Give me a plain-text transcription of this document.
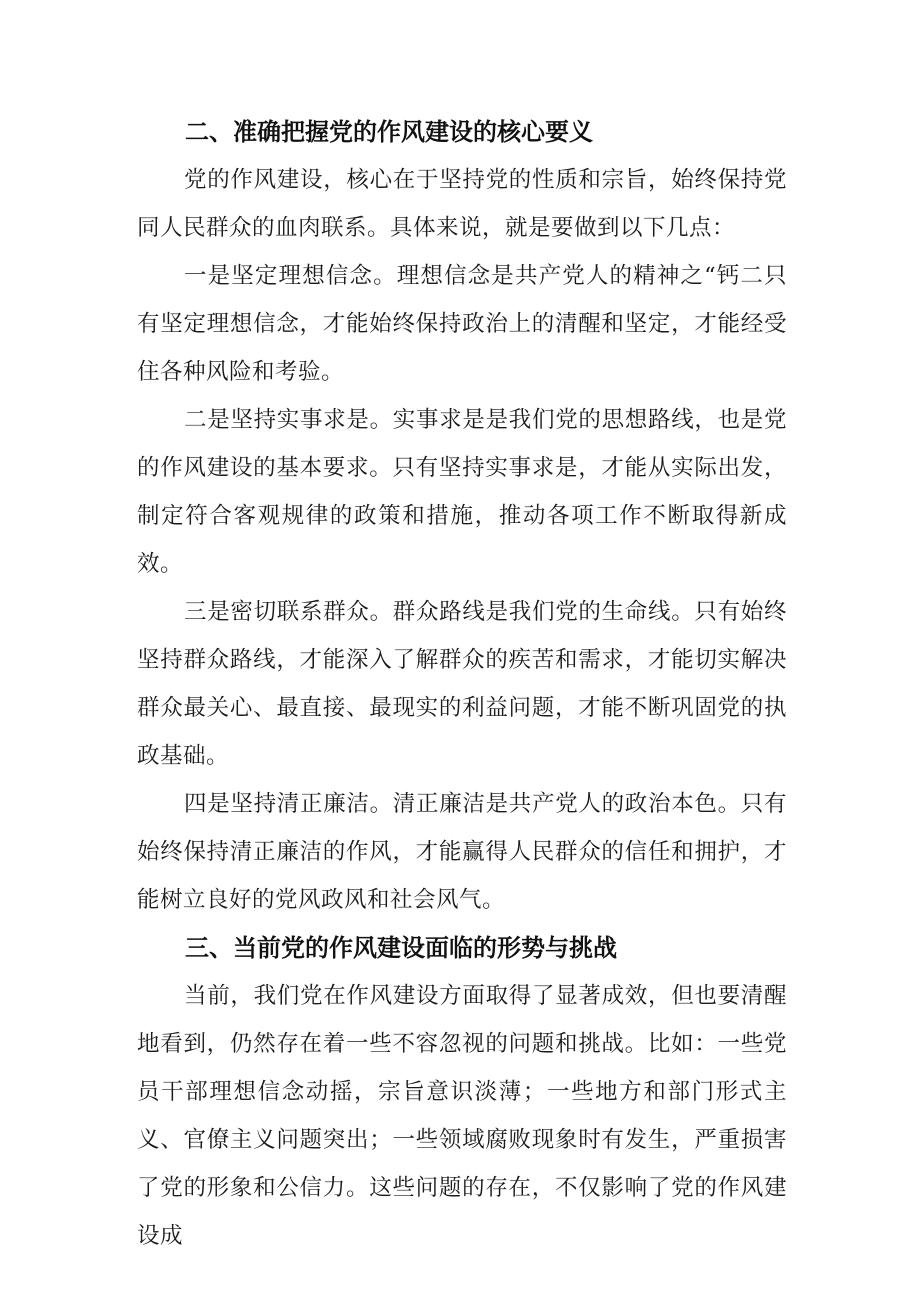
二、准确把握党的作风建设的核心要义

党的作风建设，核心在于坚持党的性质和宗旨，始终保持党同人民群众的血肉联系。具体来说，就是要做到以下几点：

一是坚定理想信念。理想信念是共产党人的精神之“钙二只有坚定理想信念，才能始终保持政治上的清醒和坚定，才能经受住各种风险和考验。

二是坚持实事求是。实事求是是我们党的思想路线，也是党的作风建设的基本要求。只有坚持实事求是，才能从实际出发，制定符合客观规律的政策和措施，推动各项工作不断取得新成效。

三是密切联系群众。群众路线是我们党的生命线。只有始终坚持群众路线，才能深入了解群众的疾苦和需求，才能切实解决群众最关心、最直接、最现实的利益问题，才能不断巩固党的执政基础。

四是坚持清正廉洁。清正廉洁是共产党人的政治本色。只有始终保持清正廉洁的作风，才能赢得人民群众的信任和拥护，才能树立良好的党风政风和社会风气。

三、当前党的作风建设面临的形势与挑战

当前，我们党在作风建设方面取得了显著成效，但也要清醒地看到，仍然存在着一些不容忽视的问题和挑战。比如：一些党员干部理想信念动摇，宗旨意识淡薄；一些地方和部门形式主义、官僚主义问题突出；一些领域腐败现象时有发生，严重损害了党的形象和公信力。这些问题的存在，不仅影响了党的作风建设成
